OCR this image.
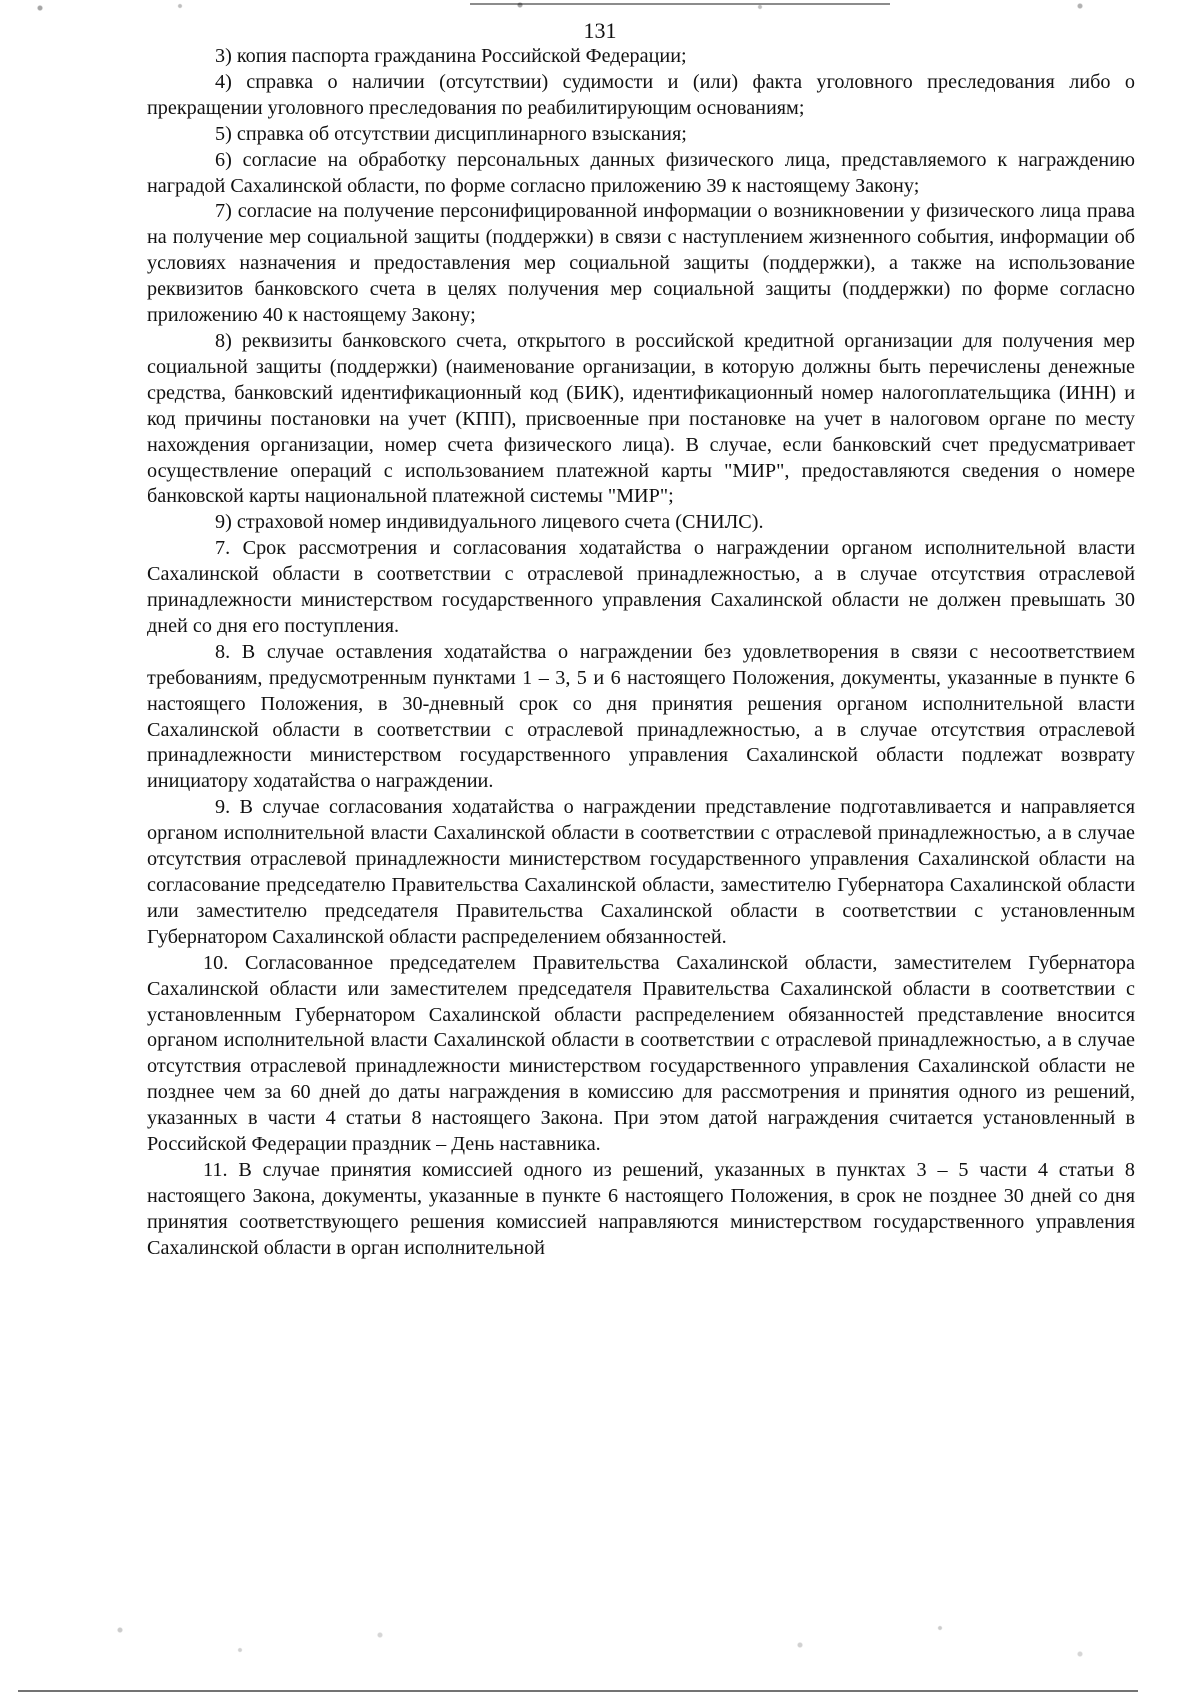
131

3) копия паспорта гражданина Российской Федерации;

4) справка о наличии (отсутствии) судимости и (или) факта уголовного преследования либо о прекращении уголовного преследования по реабилитирующим основаниям;

5) справка об отсутствии дисциплинарного взыскания;

6) согласие на обработку персональных данных физического лица, представляемого к награждению наградой Сахалинской области, по форме согласно приложению 39 к настоящему Закону;

7) согласие на получение персонифицированной информации о возникновении у физического лица права на получение мер социальной защиты (поддержки) в связи с наступлением жизненного события, информации об условиях назначения и предоставления мер социальной защиты (поддержки), а также на использование реквизитов банковского счета в целях получения мер социальной защиты (поддержки) по форме согласно приложению 40 к настоящему Закону;

8) реквизиты банковского счета, открытого в российской кредитной организации для получения мер социальной защиты (поддержки) (наименование организации, в которую должны быть перечислены денежные средства, банковский идентификационный код (БИК), идентификационный номер налогоплательщика (ИНН) и код причины постановки на учет (КПП), присвоенные при постановке на учет в налоговом органе по месту нахождения организации, номер счета физического лица). В случае, если банковский счет предусматривает осуществление операций с использованием платежной карты "МИР", предоставляются сведения о номере банковской карты национальной платежной системы "МИР";

9) страховой номер индивидуального лицевого счета (СНИЛС).

7. Срок рассмотрения и согласования ходатайства о награждении органом исполнительной власти Сахалинской области в соответствии с отраслевой принадлежностью, а в случае отсутствия отраслевой принадлежности министерством государственного управления Сахалинской области не должен превышать 30 дней со дня его поступления.

8. В случае оставления ходатайства о награждении без удовлетворения в связи с несоответствием требованиям, предусмотренным пунктами 1 – 3, 5 и 6 настоящего Положения, документы, указанные в пункте 6 настоящего Положения, в 30-дневный срок со дня принятия решения органом исполнительной власти Сахалинской области в соответствии с отраслевой принадлежностью, а в случае отсутствия отраслевой принадлежности министерством государственного управления Сахалинской области подлежат возврату инициатору ходатайства о награждении.

9. В случае согласования ходатайства о награждении представление подготавливается и направляется органом исполнительной власти Сахалинской области в соответствии с отраслевой принадлежностью, а в случае отсутствия отраслевой принадлежности министерством государственного управления Сахалинской области на согласование председателю Правительства Сахалинской области, заместителю Губернатора Сахалинской области или заместителю председателя Правительства Сахалинской области в соответствии с установленным Губернатором Сахалинской области распределением обязанностей.

10. Согласованное председателем Правительства Сахалинской области, заместителем Губернатора Сахалинской области или заместителем председателя Правительства Сахалинской области в соответствии с установленным Губернатором Сахалинской области распределением обязанностей представление вносится органом исполнительной власти Сахалинской области в соответствии с отраслевой принадлежностью, а в случае отсутствия отраслевой принадлежности министерством государственного управления Сахалинской области не позднее чем за 60 дней до даты награждения в комиссию для рассмотрения и принятия одного из решений, указанных в части 4 статьи 8 настоящего Закона. При этом датой награждения считается установленный в Российской Федерации праздник – День наставника.

11. В случае принятия комиссией одного из решений, указанных в пунктах 3 – 5 части 4 статьи 8 настоящего Закона, документы, указанные в пункте 6 настоящего Положения, в срок не позднее 30 дней со дня принятия соответствующего решения комиссией направляются министерством государственного управления Сахалинской области в орган исполнительной
